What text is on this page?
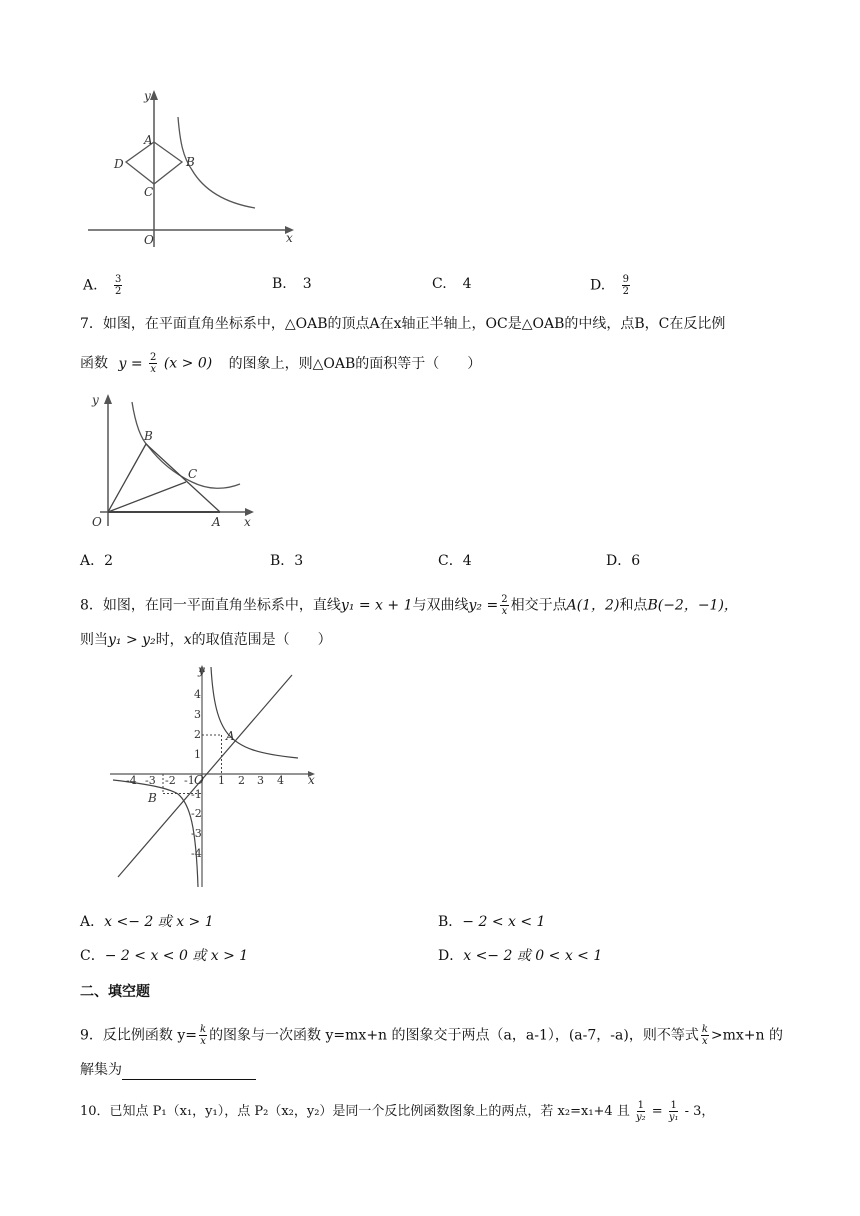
y
x
A
B
C
D
O
A. $\frac{3}{2}$	B. 3	C. 4	D. $\frac{9}{2}$
7．如图，在平面直角坐标系中，△OAB的顶点A在x轴正半轴上，OC是△OAB的中线，点B，C在反比例
函数 $y = \frac{2}{x} (x > 0)$ 的图象上，则△OAB的面积等于（　　）
y
x
O	A
B
C
A．2	B．3	C．4	D．6
8．如图，在同一平面直角坐标系中，直线y₁ = x + 1与双曲线$y_2 = \frac{2}{x}$ 相交于点A(1，2)和点B(−2，−1)，
则当y₁ > y₂时，x的取值范围是（　　）
-4 -3 -2 -1 1 2 3 4
4
3
2
1
-1
-2
-3
-4
y
x
O
A
B
A．x <− 2 或 x > 1	B．− 2 < x < 1
C．− 2 < x < 0 或 x > 1	D．x <− 2 或 0 < x < 1
二、填空题
9．反比例函数 $y= \frac{k}{x}$ 的图象与一次函数 y=mx+n 的图象交于两点（a，a-1），(a-7，-a)，则不等式 $\frac{k}{x} >mx+n$ 的
解集为
10．已知点 P₁（x₁，y₁），点 P₂（x₂，y₂）是同一个反比例函数图象上的两点，若 x₂=x₁+4 且 $\frac{1}{\text{y₂}} = \frac{1}{\text{y₁}} - 3$，
